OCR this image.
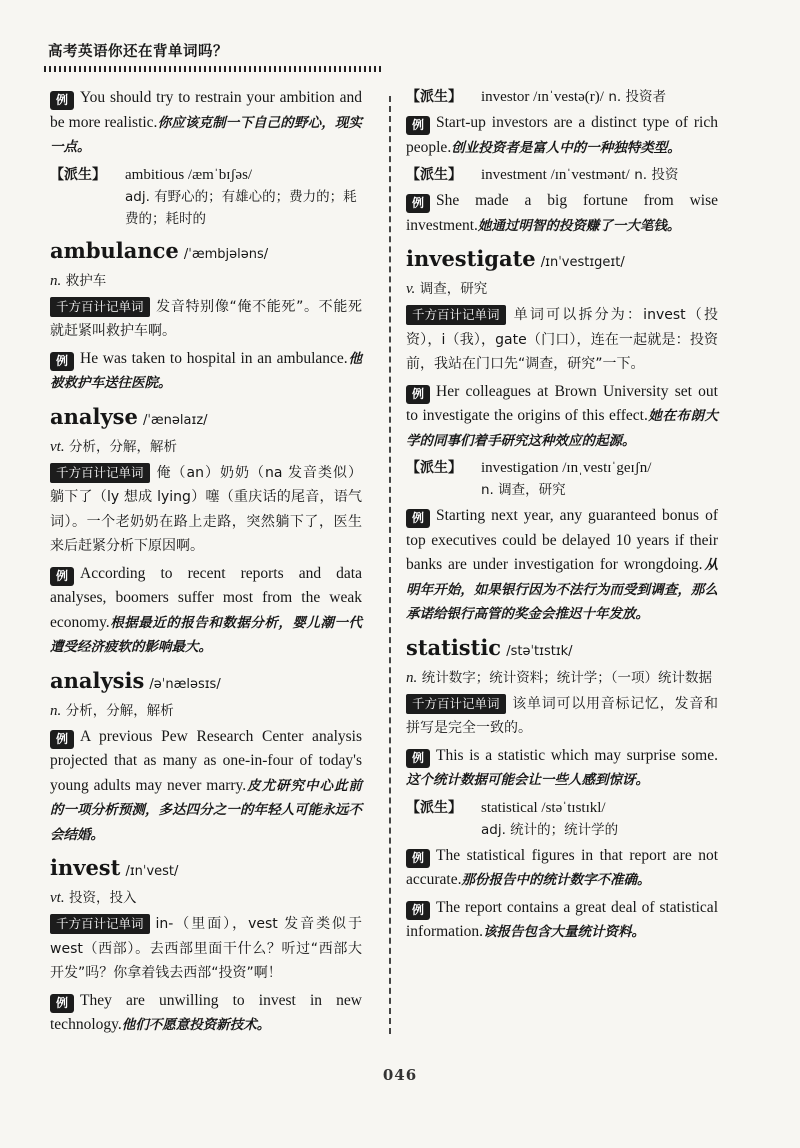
高考英语你还在背单词吗？

例 You should try to restrain your ambition and be more realistic.你应该克制一下自己的野心，现实一点。

【派生】	ambitious /æmˈbɪʃəs/
adj. 有野心的；有雄心的；费力的；耗费的；耗时的
ambulance /ˈæmbjələns/

n. 救护车

千方百计记单词 发音特别像“俺不能死”。不能死就赶紧叫救护车啊。

例 He was taken to hospital in an ambulance.他被救护车送往医院。

analyse /ˈænəlaɪz/

vt. 分析，分解，解析

千方百计记单词 俺（an）奶奶（na 发音类似）躺下了（ly 想成 lying）噻（重庆话的尾音，语气词）。一个老奶奶在路上走路，突然躺下了，医生来后赶紧分析下原因啊。

例 According to recent reports and data analyses, boomers suffer most from the weak economy.根据最近的报告和数据分析，婴儿潮一代遭受经济疲软的影响最大。

analysis /əˈnæləsɪs/

n. 分析，分解，解析

例 A previous Pew Research Center analysis projected that as many as one-in-four of today's young adults may never marry.皮尤研究中心此前的一项分析预测，多达四分之一的年轻人可能永远不会结婚。

invest /ɪnˈvest/

vt. 投资，投入

千方百计记单词 in-（里面），vest 发音类似于 west（西部）。去西部里面干什么？听过“西部大开发”吗？你拿着钱去西部“投资”啊！

例 They are unwilling to invest in new technology.他们不愿意投资新技术。

【派生】	investor /ɪnˈvestə(r)/ n. 投资者

例 Start-up investors are a distinct type of rich people.创业投资者是富人中的一种独特类型。

【派生】	investment /ɪnˈvestmənt/ n. 投资

例 She made a big fortune from wise investment.她通过明智的投资赚了一大笔钱。

investigate /ɪnˈvestɪgeɪt/

v. 调查，研究

千方百计记单词 单词可以拆分为：invest（投资），i（我），gate（门口），连在一起就是：投资前，我站在门口先“调查，研究”一下。

例 Her colleagues at Brown University set out to investigate the origins of this effect.她在布朗大学的同事们着手研究这种效应的起源。

【派生】	investigation /ɪnˌvestɪˈgeɪʃn/
n. 调查，研究

例 Starting next year, any guaranteed bonus of top executives could be delayed 10 years if their banks are under investigation for wrongdoing.从明年开始，如果银行因为不法行为而受到调查，那么承诺给银行高管的奖金会推迟十年发放。

statistic /stəˈtɪstɪk/

n. 统计数字；统计资料；统计学；（一项）统计数据

千方百计记单词 该单词可以用音标记忆，发音和拼写是完全一致的。

例 This is a statistic which may surprise some.这个统计数据可能会让一些人感到惊讶。

【派生】	statistical /stəˈtɪstɪkl/
adj. 统计的；统计学的

例 The statistical figures in that report are not accurate.那份报告中的统计数字不准确。

例 The report contains a great deal of statistical information.该报告包含大量统计资料。

046
